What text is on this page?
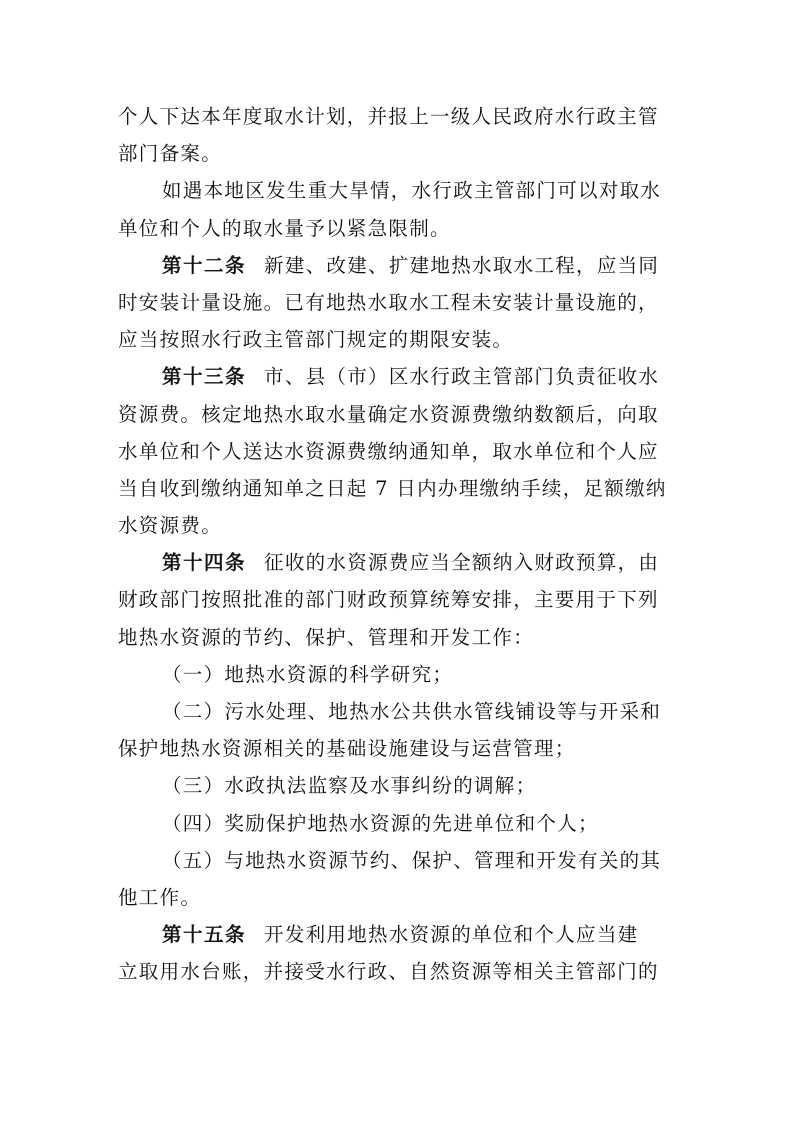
个人下达本年度取水计划，并报上一级人民政府水行政主管
部门备案。
如遇本地区发生重大旱情，水行政主管部门可以对取水
单位和个人的取水量予以紧急限制。
第十二条 新建、改建、扩建地热水取水工程，应当同
时安装计量设施。已有地热水取水工程未安装计量设施的，
应当按照水行政主管部门规定的期限安装。
第十三条 市、县（市）区水行政主管部门负责征收水
资源费。核定地热水取水量确定水资源费缴纳数额后，向取
水单位和个人送达水资源费缴纳通知单，取水单位和个人应
当自收到缴纳通知单之日起 7 日内办理缴纳手续，足额缴纳
水资源费。
第十四条 征收的水资源费应当全额纳入财政预算，由
财政部门按照批准的部门财政预算统筹安排，主要用于下列
地热水资源的节约、保护、管理和开发工作：
（一）地热水资源的科学研究；
（二）污水处理、地热水公共供水管线铺设等与开采和
保护地热水资源相关的基础设施建设与运营管理；
（三）水政执法监察及水事纠纷的调解；
（四）奖励保护地热水资源的先进单位和个人；
（五）与地热水资源节约、保护、管理和开发有关的其
他工作。
第十五条 开发利用地热水资源的单位和个人应当建
立取用水台账，并接受水行政、自然资源等相关主管部门的
